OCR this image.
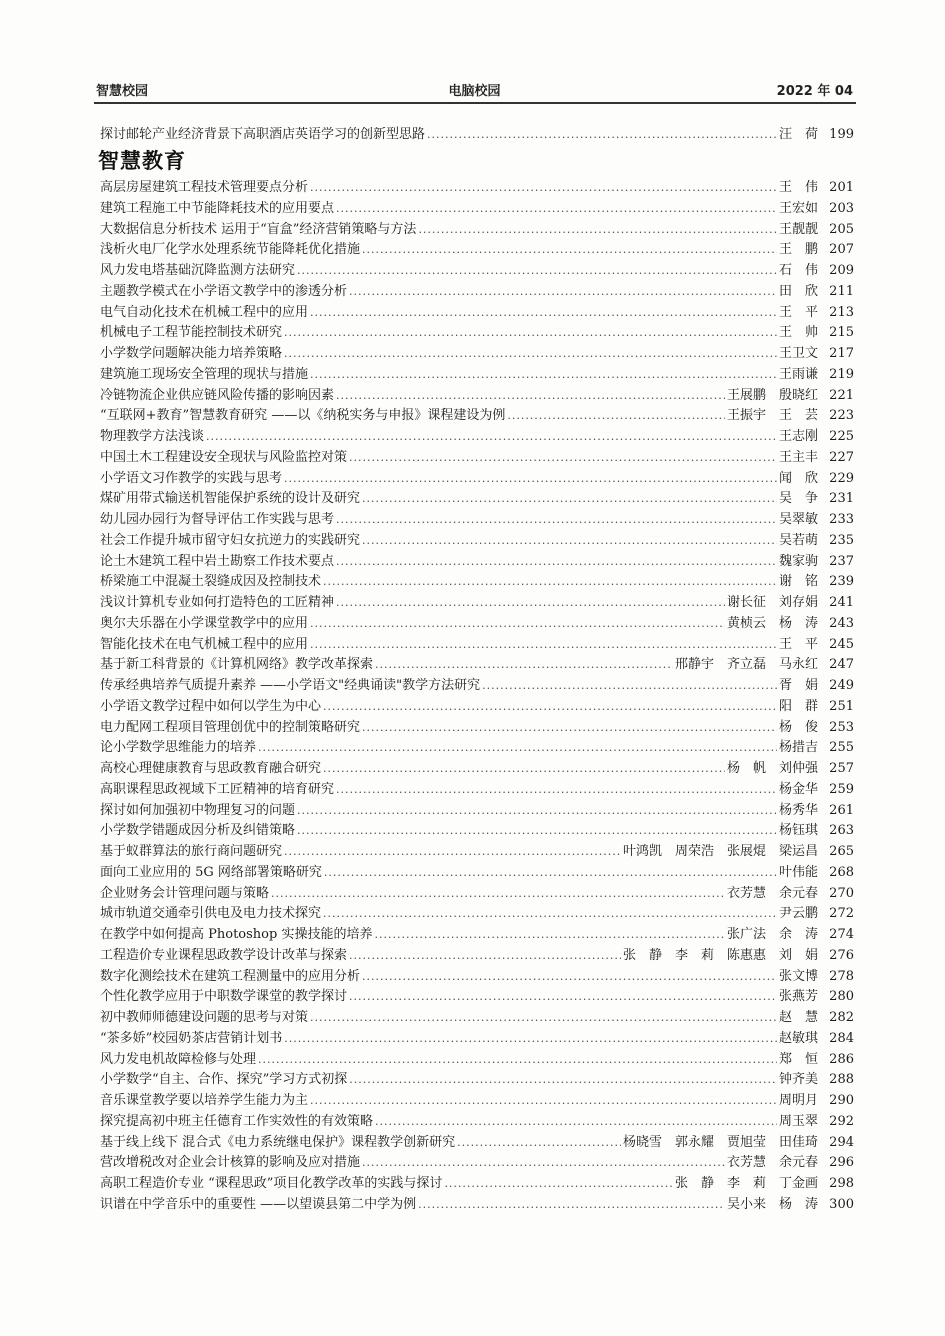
智慧校园	电脑校园	2022 年 04
探讨邮轮产业经济背景下高职酒店英语学习的创新型思路 .....	汪　荷 199
智慧教育
高层房屋建筑工程技术管理要点分析 .....	王　伟 201
建筑工程施工中节能降耗技术的应用要点 .....	王宏如 203
大数据信息分析技术 运用于“盲盒”经济营销策略与方法 .....	王靓靓 205
浅析火电厂化学水处理系统节能降耗优化措施 .....	王　鹏 207
风力发电塔基础沉降监测方法研究 .....	石　伟 209
主题教学模式在小学语文教学中的渗透分析 .....	田　欣 211
电气自动化技术在机械工程中的应用 .....	王　平 213
机械电子工程节能控制技术研究 .....	王　帅 215
小学数学问题解决能力培养策略 .....	王卫文 217
建筑施工现场安全管理的现状与措施 .....	王雨谦 219
冷链物流企业供应链风险传播的影响因素 .....	王展鹏　殷晓红 221
“互联网+教育”智慧教育研究 ——以《纳税实务与申报》课程建设为例 .....	王振宇　王　芸 223
物理教学方法浅谈 .....	王志刚 225
中国土木工程建设安全现状与风险监控对策 .....	王主丰 227
小学语文习作教学的实践与思考 .....	闻　欣 229
煤矿用带式输送机智能保护系统的设计及研究 .....	吴　争 231
幼儿园办园行为督导评估工作实践与思考 .....	吴翠敏 233
社会工作提升城市留守妇女抗逆力的实践研究 .....	吴若萌 235
论土木建筑工程中岩土勘察工作技术要点 .....	魏家驹 237
桥梁施工中混凝土裂缝成因及控制技术 .....	谢　铭 239
浅议计算机专业如何打造特色的工匠精神 .....	谢长征　刘存娟 241
奥尔夫乐器在小学课堂教学中的应用 .....	黄桢云　杨　涛 243
智能化技术在电气机械工程中的应用 .....	王　平 245
基于新工科背景的《计算机网络》教学改革探索 .....	邢静宇　齐立磊　马永红 247
传承经典培养气质提升素养 ——小学语文"经典诵读"教学方法研究 .....	胥　娟 249
小学语文教学过程中如何以学生为中心 .....	阳　群 251
电力配网工程项目管理创优中的控制策略研究 .....	杨　俊 253
论小学数学思维能力的培养 .....	杨措吉 255
高校心理健康教育与思政教育融合研究 .....	杨　帆　刘仲强 257
高职课程思政视域下工匠精神的培育研究 .....	杨金华 259
探讨如何加强初中物理复习的问题 .....	杨秀华 261
小学数学错题成因分析及纠错策略 .....	杨钰琪 263
基于蚁群算法的旅行商问题研究 .....	叶鸿凯　周荣浩　张展焜　梁运昌 265
面向工业应用的 5G 网络部署策略研究 .....	叶伟能 268
企业财务会计管理问题与策略 .....	衣芳慧　余元春 270
城市轨道交通牵引供电及电力技术探究 .....	尹云鹏 272
在教学中如何提高 Photoshop 实操技能的培养 .....	张广法　余　涛 274
工程造价专业课程思政教学设计改革与探索 .....	张　静　李　莉　陈惠惠　刘　娟 276
数字化测绘技术在建筑工程测量中的应用分析 .....	张文博 278
个性化教学应用于中职数学课堂的教学探讨 .....	张燕芳 280
初中教师师德建设问题的思考与对策 .....	赵　慧 282
“茶多娇”校园奶茶店营销计划书 .....	赵敏琪 284
风力发电机故障检修与处理 .....	郑　恒 286
小学数学“自主、合作、探究”学习方式初探 .....	钟齐美 288
音乐课堂教学要以培养学生能力为主 .....	周明月 290
探究提高初中班主任德育工作实效性的有效策略 .....	周玉翠 292
基于线上线下 混合式《电力系统继电保护》课程教学创新研究 .....	杨晓雪　郭永耀　贾旭莹　田佳琦 294
营改增税改对企业会计核算的影响及应对措施 .....	衣芳慧　余元春 296
高职工程造价专业 “课程思政”项目化教学改革的实践与探讨 .....	张　静　李　莉　丁金画 298
识谱在中学音乐中的重要性 ——以望谟县第二中学为例 .....	吴小来　杨　涛 300
